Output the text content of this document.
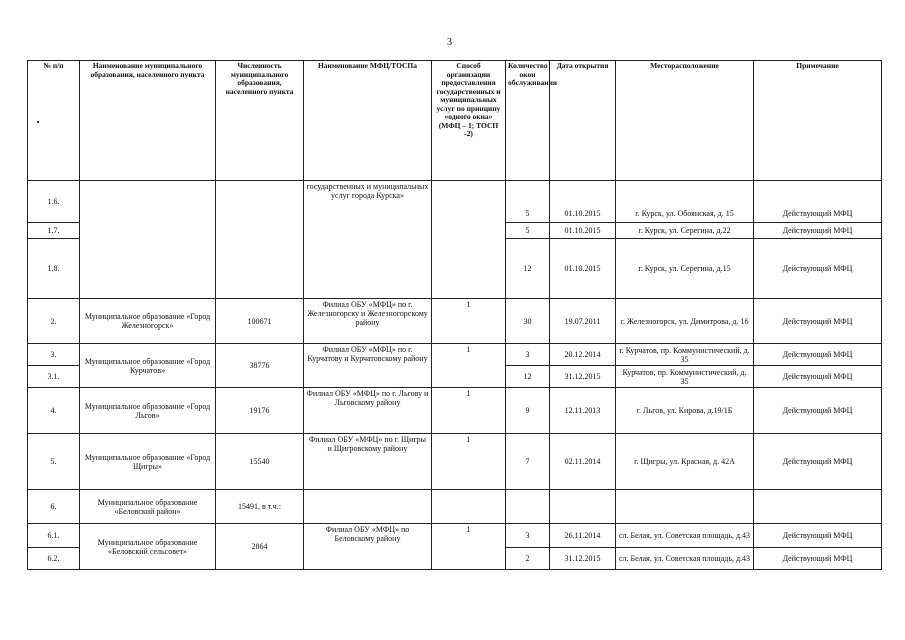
3
№ п/п	Наименование муниципального образования, населенного пункта	Численность муниципального образования, населенного пункта	Наименование МФЦ/ТОСПа	Способ организации предоставления государственных и муниципальных услуг по принципу «одного окна» (МФЦ – 1; ТОСП -2)	Количество окон обслуживания	Дата открытия	Месторасположение	Примечание
1.6.			государственных и муниципальных услуг города Курска»		5	01.10.2015	г. Курск, ул. Обоянская, д. 15	Действующий МФЦ
1.7.					5	01.10.2015	г. Курск, ул. Серегина, д.22	Действующий МФЦ
1.8.					12	01.10.2015	г. Курск, ул. Серегина, д.15	Действующий МФЦ
2.	Муниципальное образование «Город Железногорск»	100671	Филиал ОБУ «МФЦ» по г. Железногорску и Железногорскому району	1	30	19.07.2011	г. Железногорск, ул. Димитрова, д. 16	Действующий МФЦ
3.	Муниципальное образование «Город Курчатов»	38776	Филиал ОБУ «МФЦ» по г. Курчатову и Курчатовскому району	1	3	20.12.2014	г. Курчатов, пр. Коммунистический, д. 35	Действующий МФЦ
3.1.					12	31.12.2015	Курчатов, пр. Коммунистический, д. 35	Действующий МФЦ
4.	Муниципальное образование «Город Льгов»	19176	Филиал ОБУ «МФЦ» по г. Льгову и Льговскому району	1	9	12.11.2013	г. Льгов, ул. Кирова, д.19/1Б	Действующий МФЦ
5.	Муниципальное образование «Город Щигры»	15540	Филиал ОБУ «МФЦ» по г. Щигры и Щигровскому району	1	7	02.11.2014	г. Щигры, ул. Красная, д. 42А	Действующий МФЦ
6.	Муниципальное образование «Беловский район»	15491, в т.ч.:						
6.1.	Муниципальное образование «Беловский сельсовет»	2864	Филиал ОБУ «МФЦ» по Беловскому району	1	3	26.11.2014	сл. Белая, ул. Советская площадь, д.43	Действующий МФЦ
6.2.					2	31.12.2015	сл. Белая, ул. Советская площадь, д.43	Действующий МФЦ
